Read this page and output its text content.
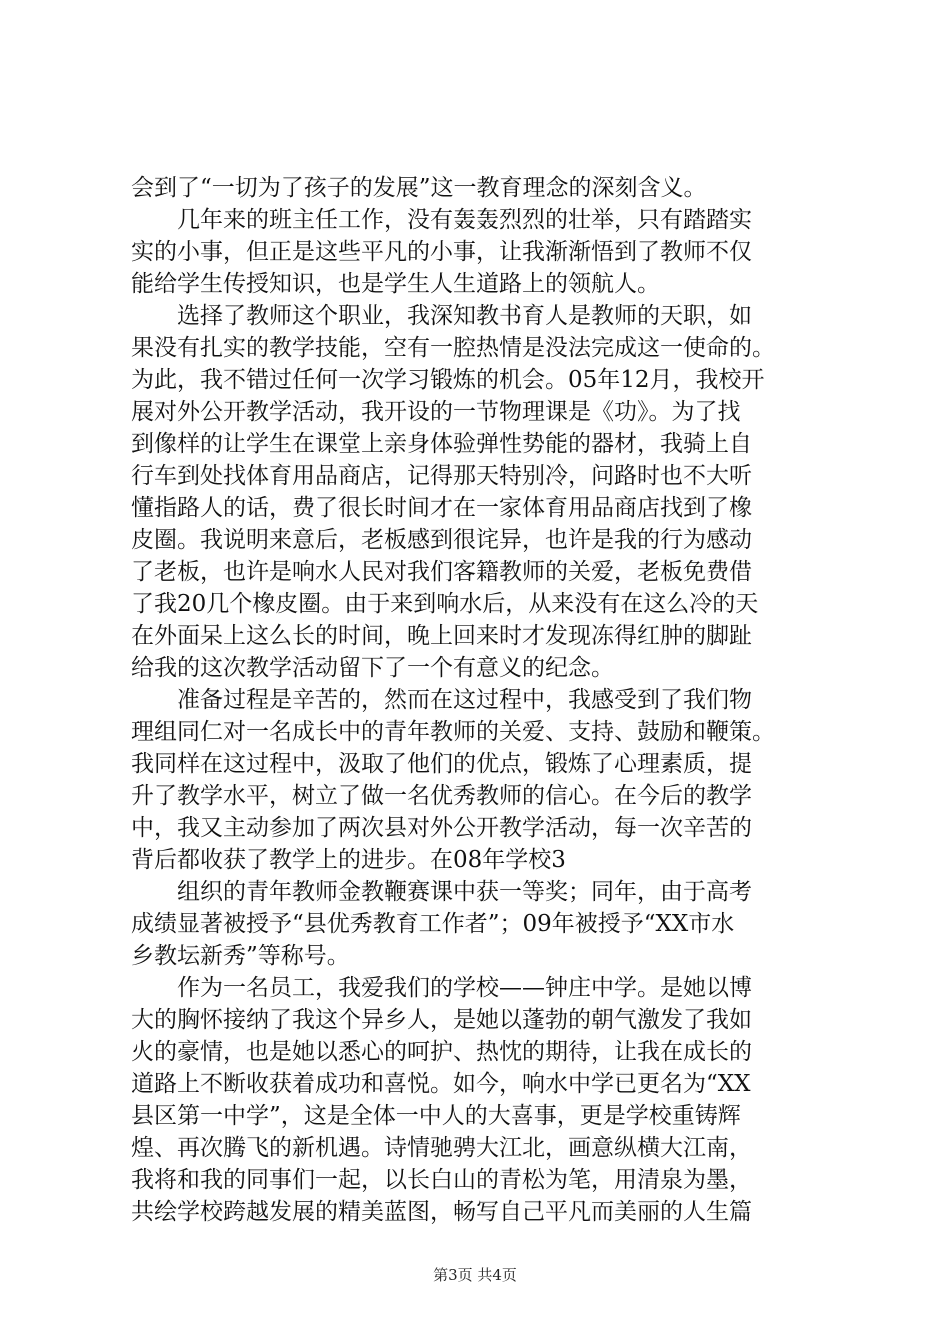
会到了“一切为了孩子的发展”这一教育理念的深刻含义。
几年来的班主任工作，没有轰轰烈烈的壮举，只有踏踏实
实的小事，但正是这些平凡的小事，让我渐渐悟到了教师不仅
能给学生传授知识，也是学生人生道路上的领航人。
选择了教师这个职业，我深知教书育人是教师的天职，如
果没有扎实的教学技能，空有一腔热情是没法完成这一使命的。
为此，我不错过任何一次学习锻炼的机会。05年12月，我校开
展对外公开教学活动，我开设的一节物理课是《功》。为了找
到像样的让学生在课堂上亲身体验弹性势能的器材，我骑上自
行车到处找体育用品商店，记得那天特别冷，问路时也不大听
懂指路人的话，费了很长时间才在一家体育用品商店找到了橡
皮圈。我说明来意后，老板感到很诧异，也许是我的行为感动
了老板，也许是响水人民对我们客籍教师的关爱，老板免费借
了我20几个橡皮圈。由于来到响水后，从来没有在这么冷的天
在外面呆上这么长的时间，晚上回来时才发现冻得红肿的脚趾
给我的这次教学活动留下了一个有意义的纪念。
准备过程是辛苦的，然而在这过程中，我感受到了我们物
理组同仁对一名成长中的青年教师的关爱、支持、鼓励和鞭策。
我同样在这过程中，汲取了他们的优点，锻炼了心理素质，提
升了教学水平，树立了做一名优秀教师的信心。在今后的教学
中，我又主动参加了两次县对外公开教学活动，每一次辛苦的
背后都收获了教学上的进步。在08年学校3
组织的青年教师金教鞭赛课中获一等奖；同年，由于高考
成绩显著被授予“县优秀教育工作者”；09年被授予“XX市水
乡教坛新秀”等称号。
作为一名员工，我爱我们的学校——钟庄中学。是她以博
大的胸怀接纳了我这个异乡人，是她以蓬勃的朝气激发了我如
火的豪情，也是她以悉心的呵护、热忱的期待，让我在成长的
道路上不断收获着成功和喜悦。如今，响水中学已更名为“XX
县区第一中学”，这是全体一中人的大喜事，更是学校重铸辉
煌、再次腾飞的新机遇。诗情驰骋大江北，画意纵横大江南，
我将和我的同事们一起，以长白山的青松为笔，用清泉为墨，
共绘学校跨越发展的精美蓝图，畅写自己平凡而美丽的人生篇
第3页 共4页
